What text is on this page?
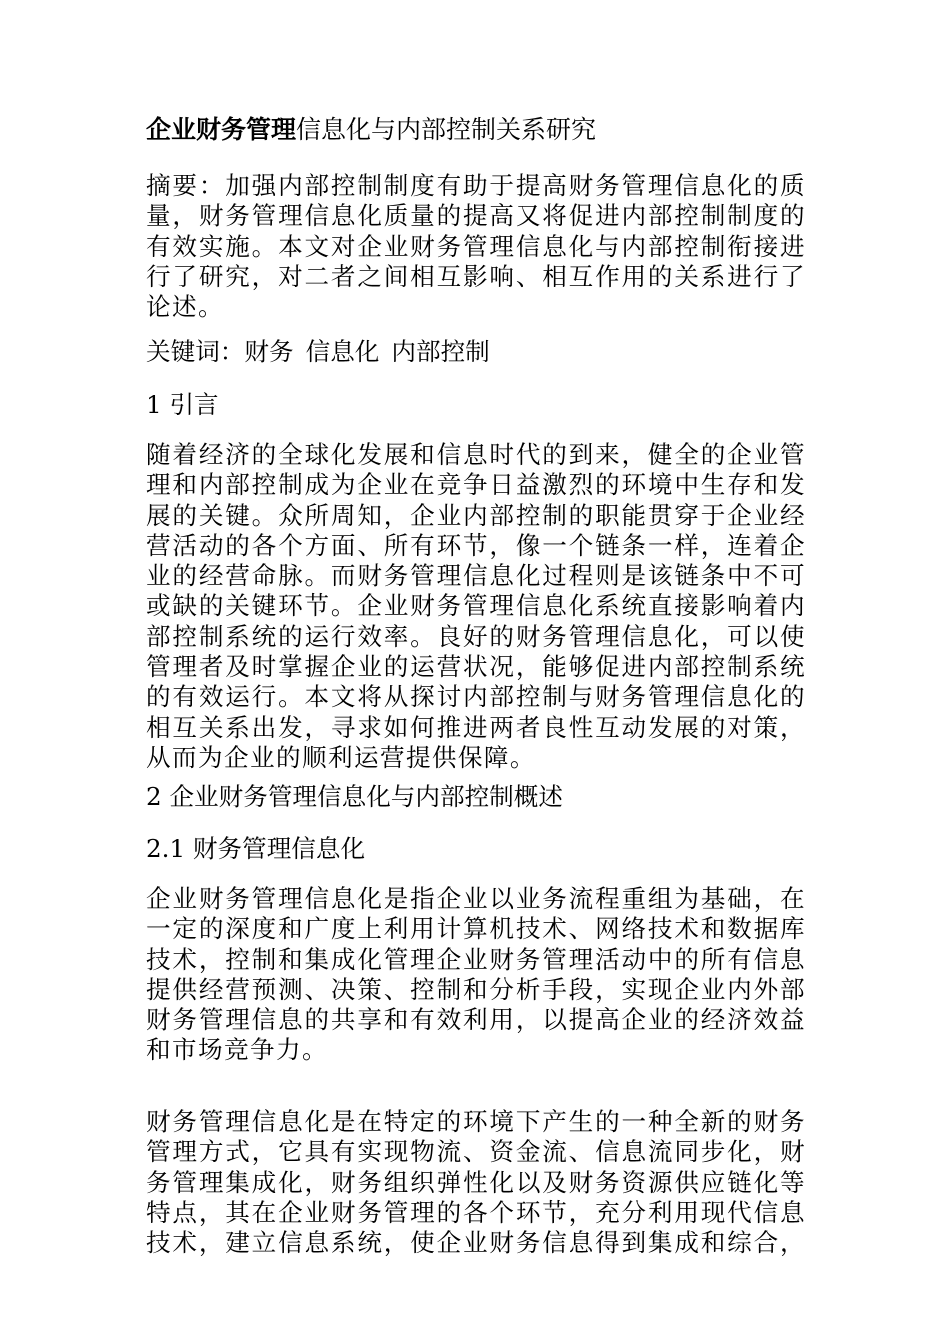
企业财务管理信息化与内部控制关系研究

摘要：加强内部控制制度有助于提高财务管理信息化的质
量，财务管理信息化质量的提高又将促进内部控制制度的
有效实施。本文对企业财务管理信息化与内部控制衔接进
行了研究，对二者之间相互影响、相互作用的关系进行了
论述。

关键词：财务 信息化 内部控制

1 引言

随着经济的全球化发展和信息时代的到来，健全的企业管
理和内部控制成为企业在竞争日益激烈的环境中生存和发
展的关键。众所周知，企业内部控制的职能贯穿于企业经
营活动的各个方面、所有环节，像一个链条一样，连着企
业的经营命脉。而财务管理信息化过程则是该链条中不可
或缺的关键环节。企业财务管理信息化系统直接影响着内
部控制系统的运行效率。良好的财务管理信息化，可以使
管理者及时掌握企业的运营状况，能够促进内部控制系统
的有效运行。本文将从探讨内部控制与财务管理信息化的
相互关系出发，寻求如何推进两者良性互动发展的对策，
从而为企业的顺利运营提供保障。

2 企业财务管理信息化与内部控制概述

2.1 财务管理信息化

企业财务管理信息化是指企业以业务流程重组为基础，在
一定的深度和广度上利用计算机技术、网络技术和数据库
技术，控制和集成化管理企业财务管理活动中的所有信息
提供经营预测、决策、控制和分析手段，实现企业内外部
财务管理信息的共享和有效利用，以提高企业的经济效益
和市场竞争力。

财务管理信息化是在特定的环境下产生的一种全新的财务
管理方式，它具有实现物流、资金流、信息流同步化，财
务管理集成化，财务组织弹性化以及财务资源供应链化等
特点，其在企业财务管理的各个环节，充分利用现代信息
技术，建立信息系统，使企业财务信息得到集成和综合，
